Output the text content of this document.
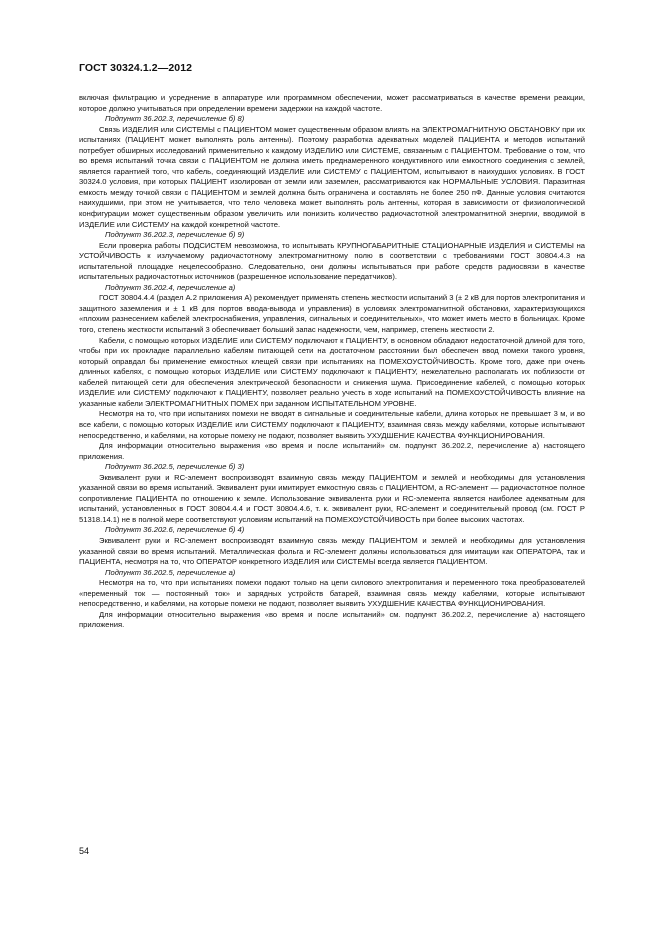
ГОСТ 30324.1.2—2012

включая фильтрацию и усреднение в аппаратуре или программном обеспечении, может рассматриваться в качестве времени реакции, которое должно учитываться при определении времени задержки на каждой частоте.

Подпункт 36.202.3, перечисление б) 8)

Связь ИЗДЕЛИЯ или СИСТЕМЫ с ПАЦИЕНТОМ может существенным образом влиять на ЭЛЕКТРОМАГНИТНУЮ ОБСТАНОВКУ при их испытаниях (ПАЦИЕНТ может выполнять роль антенны). Поэтому разработка адекватных моделей ПАЦИЕНТА и методов испытаний потребует обширных исследований применительно к каждому ИЗДЕЛИЮ или СИСТЕМЕ, связанным с ПАЦИЕНТОМ. Требование о том, что во время испытаний точка связи с ПАЦИЕНТОМ не должна иметь преднамеренного кондуктивного или емкостного соединения с землей, является гарантией того, что кабель, соединяющий ИЗДЕЛИЕ или СИСТЕМУ с ПАЦИЕНТОМ, испытывают в наихудших условиях. В ГОСТ 30324.0 условия, при которых ПАЦИЕНТ изолирован от земли или заземлен, рассматриваются как НОРМАЛЬНЫЕ УСЛОВИЯ. Паразитная емкость между точкой связи с ПАЦИЕНТОМ и землей должна быть ограничена и составлять не более 250 пФ. Данные условия считаются наихудшими, при этом не учитывается, что тело человека может выполнять роль антенны, которая в зависимости от физиологической конфигурации может существенным образом увеличить или понизить количество радиочастотной электромагнитной энергии, вводимой в ИЗДЕЛИЕ или СИСТЕМУ на каждой конкретной частоте.

Подпункт 36.202.3, перечисление б) 9)

Если проверка работы ПОДСИСТЕМ невозможна, то испытывать КРУПНОГАБАРИТНЫЕ СТАЦИОНАРНЫЕ ИЗДЕЛИЯ и СИСТЕМЫ на УСТОЙЧИВОСТЬ к излучаемому радиочастотному электромагнитному полю в соответствии с требованиями ГОСТ 30804.4.3 на испытательной площадке нецелесообразно. Следовательно, они должны испытываться при работе средств радиосвязи в качестве испытательных радиочастотных источников (разрешенное использование передатчиков).

Подпункт 36.202.4, перечисление а)

ГОСТ 30804.4.4 (раздел А.2 приложения А) рекомендует применять степень жесткости испытаний 3 (± 2 кВ для портов электропитания и защитного заземления и ± 1 кВ для портов ввода-вывода и управления) в условиях электромагнитной обстановки, характеризующихся «плохим разнесением кабелей электроснабжения, управления, сигнальных и соединительных», что может иметь место в больницах. Кроме того, степень жесткости испытаний 3 обеспечивает больший запас надежности, чем, например, степень жесткости 2.

Кабели, с помощью которых ИЗДЕЛИЕ или СИСТЕМУ подключают к ПАЦИЕНТУ, в основном обладают недостаточной длиной для того, чтобы при их прокладке параллельно кабелям питающей сети на достаточном расстоянии был обеспечен ввод помехи такого уровня, который оправдал бы применение емкостных клещей связи при испытаниях на ПОМЕХОУСТОЙЧИВОСТЬ. Кроме того, даже при очень длинных кабелях, с помощью которых ИЗДЕЛИЕ или СИСТЕМУ подключают к ПАЦИЕНТУ, нежелательно располагать их поблизости от кабелей питающей сети для обеспечения электрической безопасности и снижения шума. Присоединение кабелей, с помощью которых ИЗДЕЛИЕ или СИСТЕМУ подключают к ПАЦИЕНТУ, позволяет реально учесть в ходе испытаний на ПОМЕХОУСТОЙЧИВОСТЬ влияние на указанные кабели ЭЛЕКТРОМАГНИТНЫХ ПОМЕХ при заданном ИСПЫТАТЕЛЬНОМ УРОВНЕ.

Несмотря на то, что при испытаниях помехи не вводят в сигнальные и соединительные кабели, длина которых не превышает 3 м, и во все кабели, с помощью которых ИЗДЕЛИЕ или СИСТЕМУ подключают к ПАЦИЕНТУ, взаимная связь между кабелями, которые испытывают непосредственно, и кабелями, на которые помеху не подают, позволяет выявить УХУДШЕНИЕ КАЧЕСТВА ФУНКЦИОНИРОВАНИЯ.

Для информации относительно выражения «во время и после испытаний» см. подпункт 36.202.2, перечисление а) настоящего приложения.

Подпункт 36.202.5, перечисление б) 3)

Эквивалент руки и RC-элемент воспроизводят взаимную связь между ПАЦИЕНТОМ и землей и необходимы для установления указанной связи во время испытаний. Эквивалент руки имитирует емкостную связь с ПАЦИЕНТОМ, а RC-элемент — радиочастотное полное сопротивление ПАЦИЕНТА по отношению к земле. Использование эквивалента руки и RC-элемента является наиболее адекватным для испытаний, установленных в ГОСТ 30804.4.4 и ГОСТ 30804.4.6, т. к. эквивалент руки, RC-элемент и соединительный провод (см. ГОСТ Р 51318.14.1) не в полной мере соответствуют условиям испытаний на ПОМЕХОУСТОЙЧИВОСТЬ при более высоких частотах.

Подпункт 36.202.6, перечисление б) 4)

Эквивалент руки и RC-элемент воспроизводят взаимную связь между ПАЦИЕНТОМ и землей и необходимы для установления указанной связи во время испытаний. Металлическая фольга и RC-элемент должны использоваться для имитации как ОПЕРАТОРА, так и ПАЦИЕНТА, несмотря на то, что ОПЕРАТОР конкретного ИЗДЕЛИЯ или СИСТЕМЫ всегда является ПАЦИЕНТОМ.

Подпункт 36.202.5, перечисление а)

Несмотря на то, что при испытаниях помехи подают только на цепи силового электропитания и переменного тока преобразователей «переменный ток — постоянный ток» и зарядных устройств батарей, взаимная связь между кабелями, которые испытывают непосредственно, и кабелями, на которые помехи не подают, позволяет выявить УХУДШЕНИЕ КАЧЕСТВА ФУНКЦИОНИРОВАНИЯ.

Для информации относительно выражения «во время и после испытаний» см. подпункт 36.202.2, перечисление а) настоящего приложения.

54
